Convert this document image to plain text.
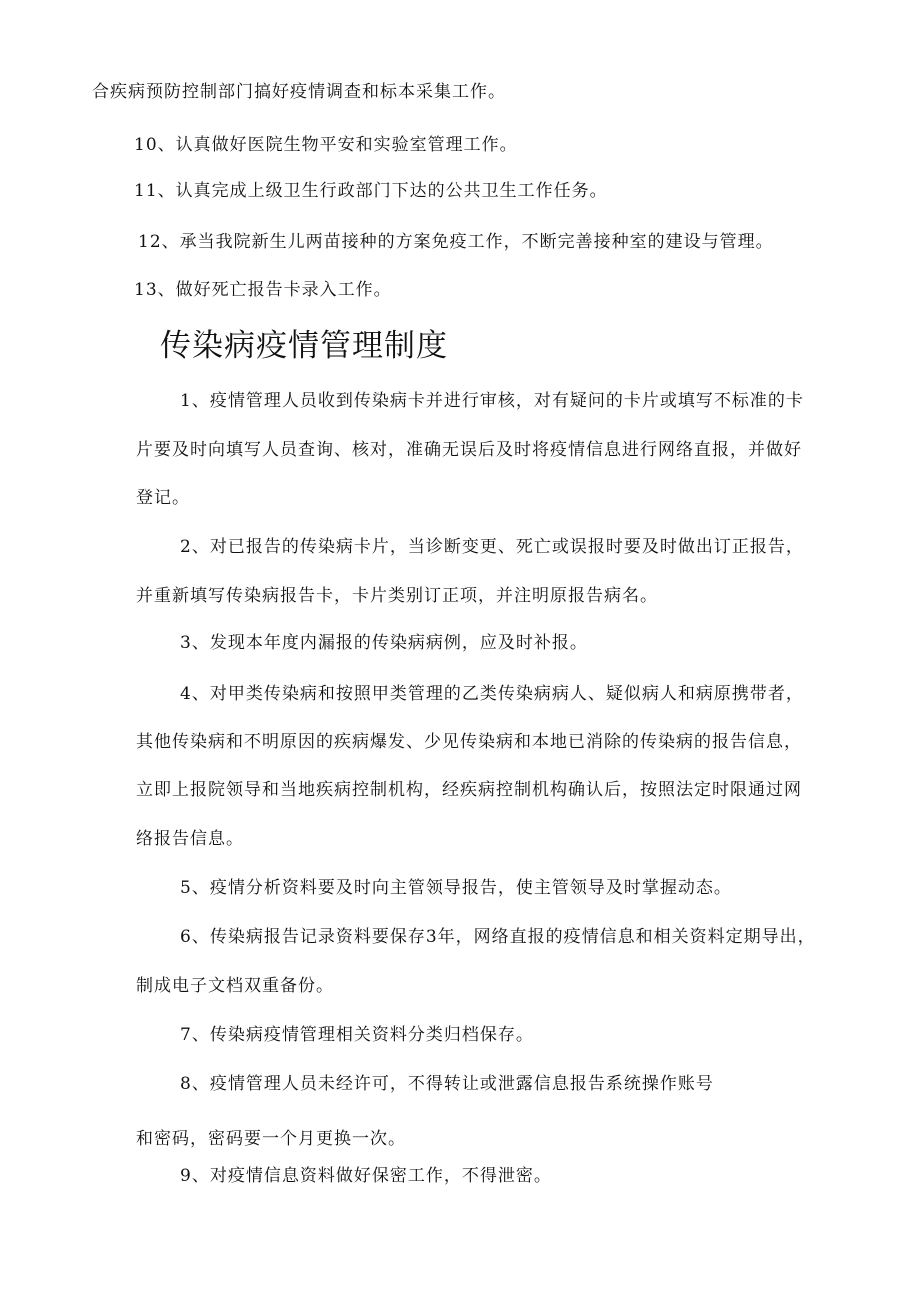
合疾病预防控制部门搞好疫情调查和标本采集工作。
10、认真做好医院生物平安和实验室管理工作。
11、认真完成上级卫生行政部门下达的公共卫生工作任务。
12、承当我院新生儿两苗接种的方案免疫工作，不断完善接种室的建设与管理。
13、做好死亡报告卡录入工作。
传染病疫情管理制度
1、疫情管理人员收到传染病卡并进行审核，对有疑问的卡片或填写不标准的卡
片要及时向填写人员查询、核对，准确无误后及时将疫情信息进行网络直报，并做好
登记。
2、对已报告的传染病卡片，当诊断变更、死亡或误报时要及时做出订正报告，
并重新填写传染病报告卡，卡片类别订正项，并注明原报告病名。
3、发现本年度内漏报的传染病病例，应及时补报。
4、对甲类传染病和按照甲类管理的乙类传染病病人、疑似病人和病原携带者，
其他传染病和不明原因的疾病爆发、少见传染病和本地已消除的传染病的报告信息，
立即上报院领导和当地疾病控制机构，经疾病控制机构确认后，按照法定时限通过网
络报告信息。
5、疫情分析资料要及时向主管领导报告，使主管领导及时掌握动态。
6、传染病报告记录资料要保存3年，网络直报的疫情信息和相关资料定期导出，
制成电子文档双重备份。
7、传染病疫情管理相关资料分类归档保存。
8、疫情管理人员未经许可，不得转让或泄露信息报告系统操作账号
和密码，密码要一个月更换一次。
9、对疫情信息资料做好保密工作，不得泄密。
